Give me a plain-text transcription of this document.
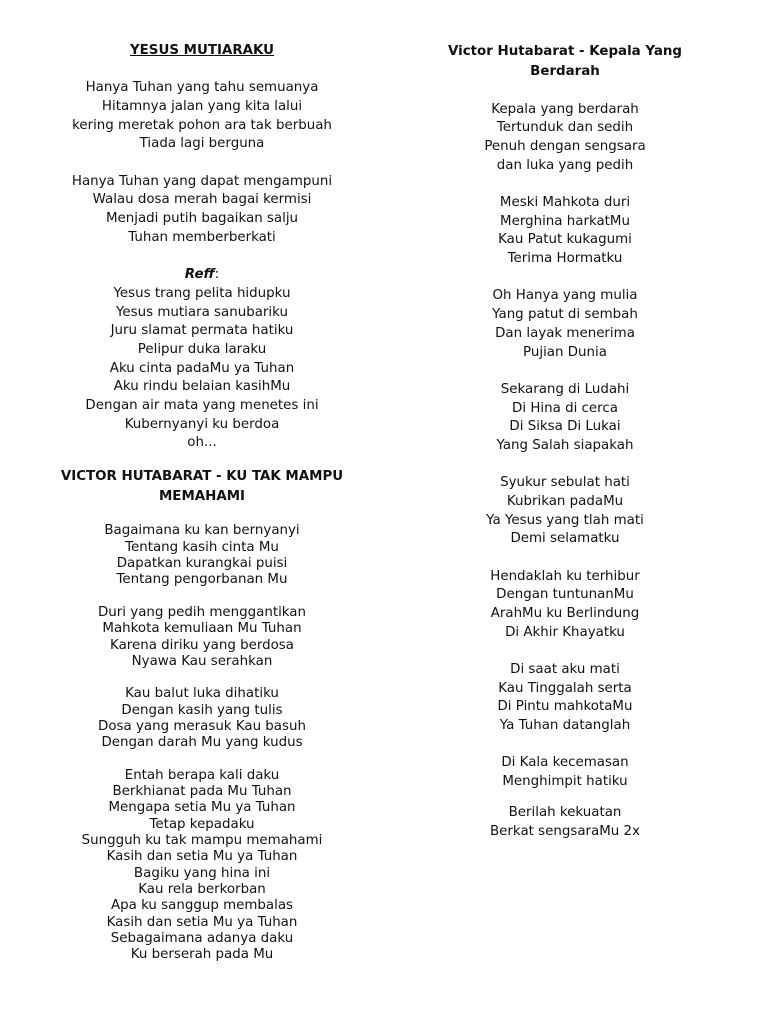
YESUS MUTIARAKU
Hanya Tuhan yang tahu semuanya
Hitamnya jalan yang kita lalui
kering meretak pohon ara tak berbuah
Tiada lagi berguna
Hanya Tuhan yang dapat mengampuni
Walau dosa merah bagai kermisi
Menjadi putih bagaikan salju
Tuhan memberberkati
Reff:
Yesus trang pelita hidupku
Yesus mutiara sanubariku
Juru slamat permata hatiku
Pelipur duka laraku
Aku cinta padaMu ya Tuhan
Aku rindu belaian kasihMu
Dengan air mata yang menetes ini
Kubernyanyi ku berdoa
oh...
VICTOR HUTABARAT - KU TAK MAMPU
MEMAHAMI
Bagaimana ku kan bernyanyi
Tentang kasih cinta Mu
Dapatkan kurangkai puisi
Tentang pengorbanan Mu
Duri yang pedih menggantikan
Mahkota kemuliaan Mu Tuhan
Karena diriku yang berdosa
Nyawa Kau serahkan
Kau balut luka dihatiku
Dengan kasih yang tulis
Dosa yang merasuk Kau basuh
Dengan darah Mu yang kudus
Entah berapa kali daku
Berkhianat pada Mu Tuhan
Mengapa setia Mu ya Tuhan
Tetap kepadaku
Sungguh ku tak mampu memahami
Kasih dan setia Mu ya Tuhan
Bagiku yang hina ini
Kau rela berkorban
Apa ku sanggup membalas
Kasih dan setia Mu ya Tuhan
Sebagaimana adanya daku
Ku berserah pada Mu
Victor Hutabarat - Kepala Yang
Berdarah
Kepala yang berdarah
Tertunduk dan sedih
Penuh dengan sengsara
dan luka yang pedih
Meski Mahkota duri
Merghina harkatMu
Kau Patut kukagumi
Terima Hormatku
Oh Hanya yang mulia
Yang patut di sembah
Dan layak menerima
Pujian Dunia
Sekarang di Ludahi
Di Hina di cerca
Di Siksa Di Lukai
Yang Salah siapakah
Syukur sebulat hati
Kubrikan padaMu
Ya Yesus yang tlah mati
Demi selamatku
Hendaklah ku terhibur
Dengan tuntunanMu
ArahMu ku Berlindung
Di Akhir Khayatku
Di saat aku mati
Kau Tinggalah serta
Di Pintu mahkotaMu
Ya Tuhan datanglah
Di Kala kecemasan
Menghimpit hatiku
Berilah kekuatan
Berkat sengsaraMu 2x
